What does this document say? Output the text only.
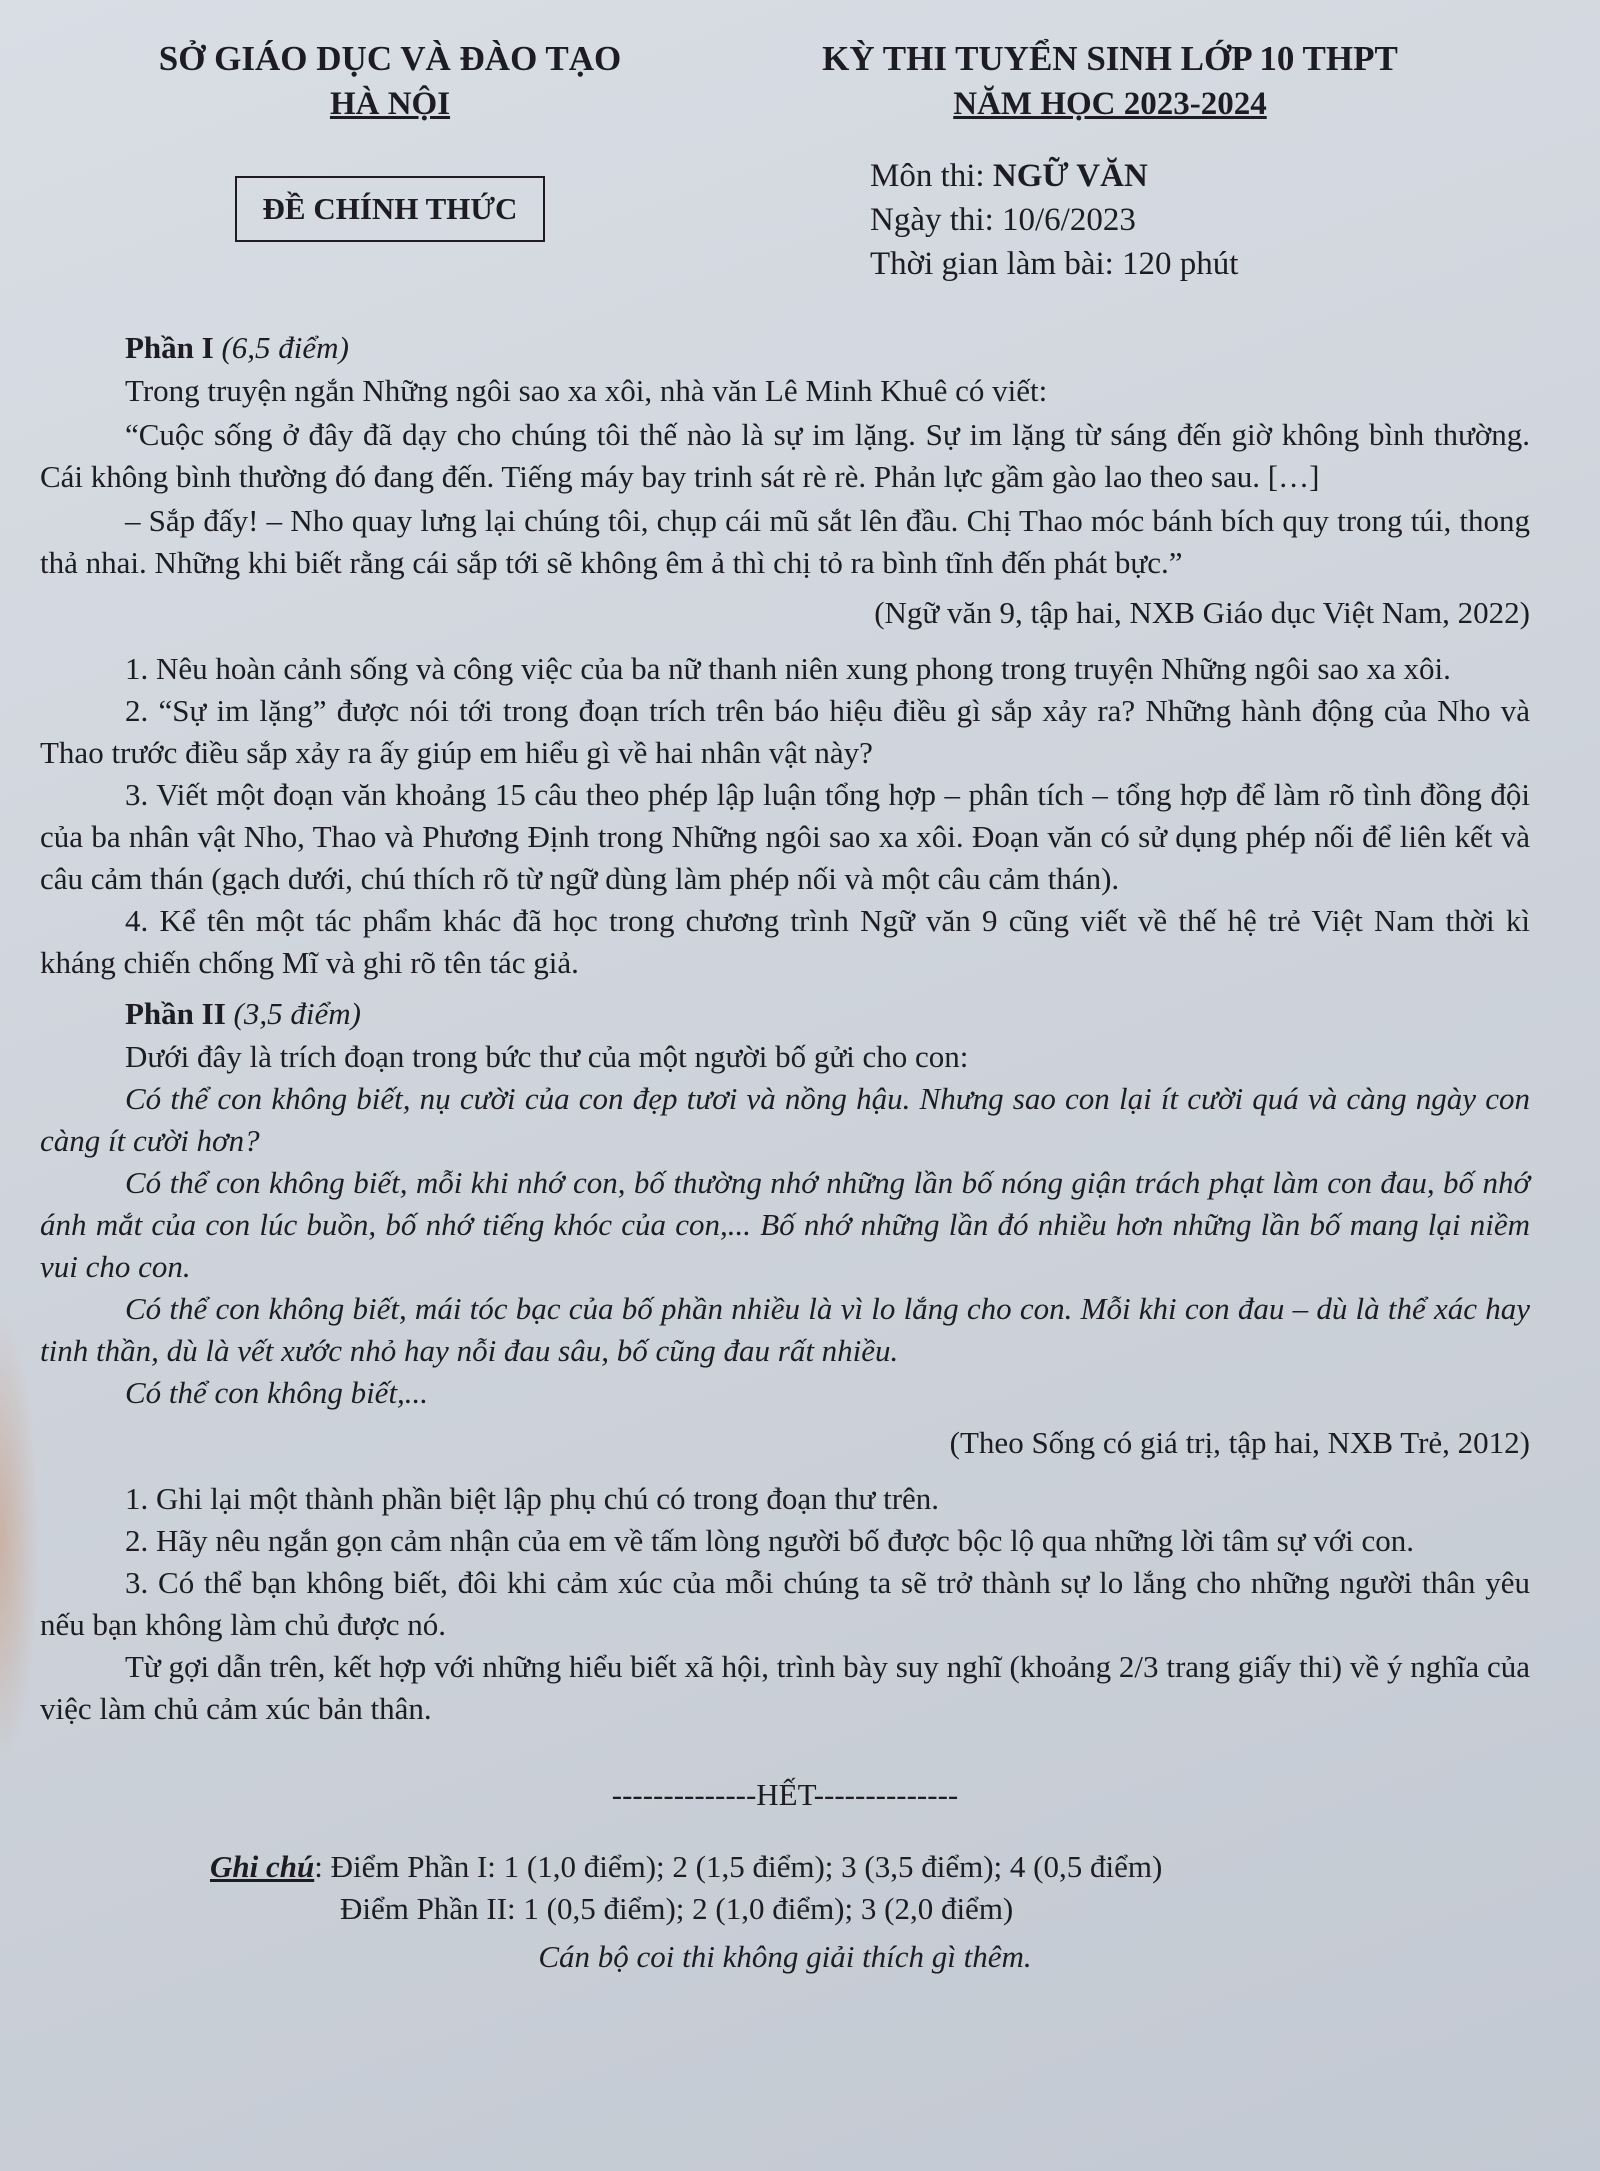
SỞ GIÁO DỤC VÀ ĐÀO TẠO
HÀ NỘI
ĐỀ CHÍNH THỨC
KỲ THI TUYỂN SINH LỚP 10 THPT
NĂM HỌC 2023-2024
Môn thi: NGỮ VĂN
Ngày thi: 10/6/2023
Thời gian làm bài: 120 phút
Phần I (6,5 điểm)

Trong truyện ngắn Những ngôi sao xa xôi, nhà văn Lê Minh Khuê có viết:

“Cuộc sống ở đây đã dạy cho chúng tôi thế nào là sự im lặng. Sự im lặng từ sáng đến giờ không bình thường. Cái không bình thường đó đang đến. Tiếng máy bay trinh sát rè rè. Phản lực gầm gào lao theo sau. […]

– Sắp đấy! – Nho quay lưng lại chúng tôi, chụp cái mũ sắt lên đầu. Chị Thao móc bánh bích quy trong túi, thong thả nhai. Những khi biết rằng cái sắp tới sẽ không êm ả thì chị tỏ ra bình tĩnh đến phát bực.”

(Ngữ văn 9, tập hai, NXB Giáo dục Việt Nam, 2022)

1. Nêu hoàn cảnh sống và công việc của ba nữ thanh niên xung phong trong truyện Những ngôi sao xa xôi.

2. “Sự im lặng” được nói tới trong đoạn trích trên báo hiệu điều gì sắp xảy ra? Những hành động của Nho và Thao trước điều sắp xảy ra ấy giúp em hiểu gì về hai nhân vật này?

3. Viết một đoạn văn khoảng 15 câu theo phép lập luận tổng hợp – phân tích – tổng hợp để làm rõ tình đồng đội của ba nhân vật Nho, Thao và Phương Định trong Những ngôi sao xa xôi. Đoạn văn có sử dụng phép nối để liên kết và câu cảm thán (gạch dưới, chú thích rõ từ ngữ dùng làm phép nối và một câu cảm thán).

4. Kể tên một tác phẩm khác đã học trong chương trình Ngữ văn 9 cũng viết về thế hệ trẻ Việt Nam thời kì kháng chiến chống Mĩ và ghi rõ tên tác giả.

Phần II (3,5 điểm)

Dưới đây là trích đoạn trong bức thư của một người bố gửi cho con:

Có thể con không biết, nụ cười của con đẹp tươi và nồng hậu. Nhưng sao con lại ít cười quá và càng ngày con càng ít cười hơn?

Có thể con không biết, mỗi khi nhớ con, bố thường nhớ những lần bố nóng giận trách phạt làm con đau, bố nhớ ánh mắt của con lúc buồn, bố nhớ tiếng khóc của con,... Bố nhớ những lần đó nhiều hơn những lần bố mang lại niềm vui cho con.

Có thể con không biết, mái tóc bạc của bố phần nhiều là vì lo lắng cho con. Mỗi khi con đau – dù là thể xác hay tinh thần, dù là vết xước nhỏ hay nỗi đau sâu, bố cũng đau rất nhiều.

Có thể con không biết,...

(Theo Sống có giá trị, tập hai, NXB Trẻ, 2012)

1. Ghi lại một thành phần biệt lập phụ chú có trong đoạn thư trên.

2. Hãy nêu ngắn gọn cảm nhận của em về tấm lòng người bố được bộc lộ qua những lời tâm sự với con.

3. Có thể bạn không biết, đôi khi cảm xúc của mỗi chúng ta sẽ trở thành sự lo lắng cho những người thân yêu nếu bạn không làm chủ được nó.

Từ gợi dẫn trên, kết hợp với những hiểu biết xã hội, trình bày suy nghĩ (khoảng 2/3 trang giấy thi) về ý nghĩa của việc làm chủ cảm xúc bản thân.

--------------HẾT--------------
Ghi chú: Điểm Phần I: 1 (1,0 điểm); 2 (1,5 điểm); 3 (3,5 điểm); 4 (0,5 điểm)
Điểm Phần II: 1 (0,5 điểm); 2 (1,0 điểm); 3 (2,0 điểm)
Cán bộ coi thi không giải thích gì thêm.
